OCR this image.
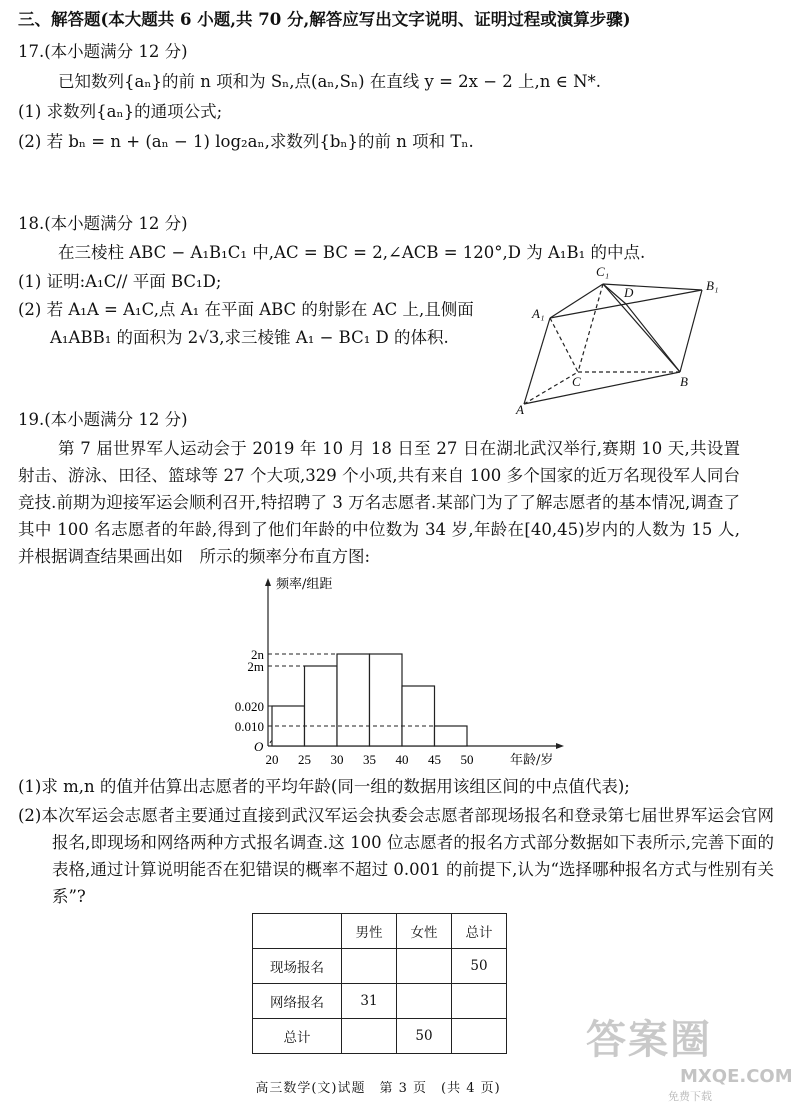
三、解答题(本大题共 6 小题,共 70 分,解答应写出文字说明、证明过程或演算步骤)
17.(本小题满分 12 分)
已知数列{aₙ}的前 n 项和为 Sₙ,点(aₙ,Sₙ) 在直线 y = 2x − 2 上,n ∈ N*.
(1) 求数列{aₙ}的通项公式;
(2) 若 bₙ = n + (aₙ − 1) log₂aₙ,求数列{bₙ}的前 n 项和 Tₙ.
18.(本小题满分 12 分)
在三棱柱 ABC − A₁B₁C₁ 中,AC = BC = 2,∠ACB = 120°,D 为 A₁B₁ 的中点.
(1) 证明:A₁C// 平面 BC₁D;
(2) 若 A₁A = A₁C,点 A₁ 在平面 ABC 的射影在 AC 上,且侧面
A₁ABB₁ 的面积为 2√3,求三棱锥 A₁ − BC₁ D 的体积.
C₁
D	B₁
A₁
C	B
A
19.(本小题满分 12 分)
第 7 届世界军人运动会于 2019 年 10 月 18 日至 27 日在湖北武汉举行,赛期 10 天,共设置射击、游泳、田径、篮球等 27 个大项,329 个小项,共有来自 100 多个国家的近万名现役军人同台竞技.前期为迎接军运会顺利召开,特招聘了 3 万名志愿者.某部门为了了解志愿者的基本情况,调查了其中 100 名志愿者的年龄,得到了他们年龄的中位数为 34 岁,年龄在[40,45)岁内的人数为 15 人,并根据调查结果画出如　所示的频率分布直方图:
2n
2m
0.020
0.010
20 25 30 35 40 45 50
O
频率/组距
年龄/岁
(1)求 m,n 的值并估算出志愿者的平均年龄(同一组的数据用该组区间的中点值代表);
(2)本次军运会志愿者主要通过直接到武汉军运会执委会志愿者部现场报名和登录第七届世界军运会官网报名,即现场和网络两种方式报名调查.这 100 位志愿者的报名方式部分数据如下表所示,完善下面的表格,通过计算说明能否在犯错误的概率不超过 0.001 的前提下,认为“选择哪种报名方式与性别有关系”?
	男性	女性	总计
现场报名			50
网络报名	31		
总计		50		答案圈
MXQE.COM
免费下载
高三数学(文)试题　第 3 页　(共 4 页)
